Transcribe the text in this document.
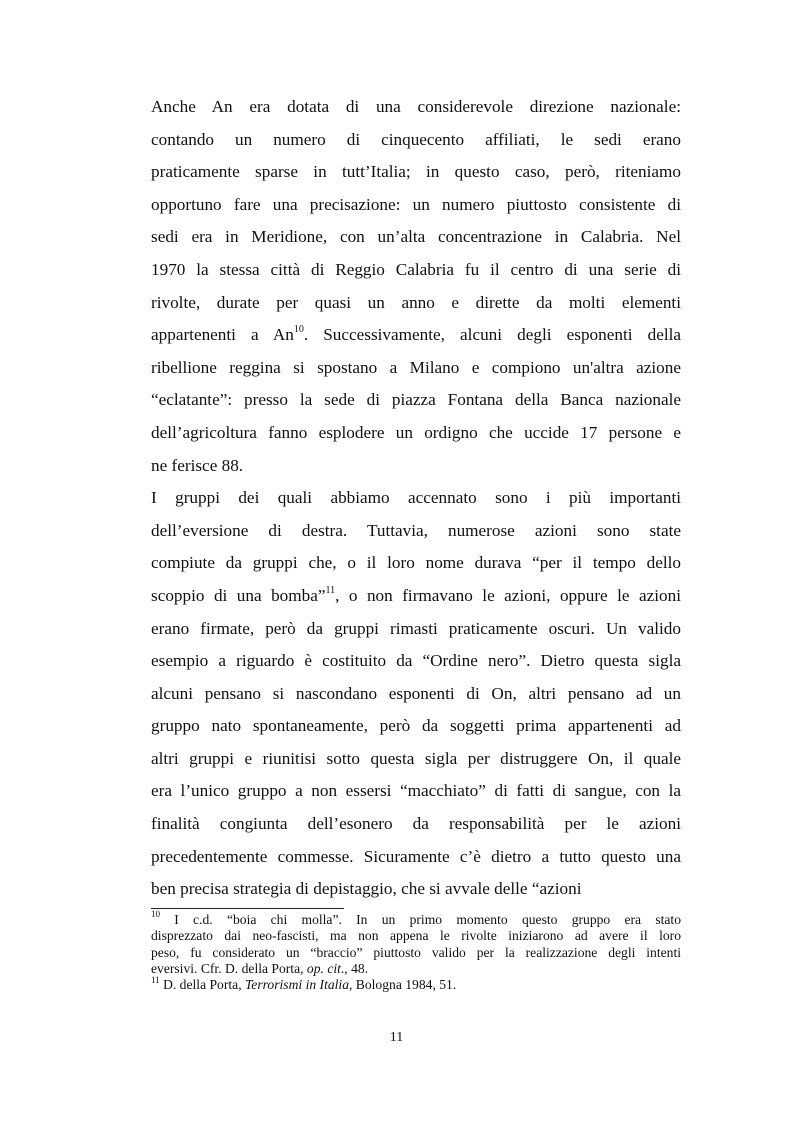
Anche An era dotata di una considerevole direzione nazionale:
contando un numero di cinquecento affiliati, le sedi erano
praticamente sparse in tutt’Italia; in questo caso, però, riteniamo
opportuno fare una precisazione: un numero piuttosto consistente di
sedi era in Meridione, con un’alta concentrazione in Calabria. Nel
1970 la stessa città di Reggio Calabria fu il centro di una serie di
rivolte, durate per quasi un anno e dirette da molti elementi
appartenenti a An$^{10}$. Successivamente, alcuni degli esponenti della
ribellione reggina si spostano a Milano e compiono un'altra azione
“eclatante”: presso la sede di piazza Fontana della Banca nazionale
dell’agricoltura fanno esplodere un ordigno che uccide 17 persone e
ne ferisce 88.
I gruppi dei quali abbiamo accennato sono i più importanti
dell’eversione di destra. Tuttavia, numerose azioni sono state
compiute da gruppi che, o il loro nome durava “per il tempo dello
scoppio di una bomba”$^{11}$, o non firmavano le azioni, oppure le azioni
erano firmate, però da gruppi rimasti praticamente oscuri. Un valido
esempio a riguardo è costituito da “Ordine nero”. Dietro questa sigla
alcuni pensano si nascondano esponenti di On, altri pensano ad un
gruppo nato spontaneamente, però da soggetti prima appartenenti ad
altri gruppi e riunitisi sotto questa sigla per distruggere On, il quale
era l’unico gruppo a non essersi “macchiato” di fatti di sangue, con la
finalità congiunta dell’esonero da responsabilità per le azioni
precedentemente commesse. Sicuramente c’è dietro a tutto questo una
ben precisa strategia di depistaggio, che si avvale delle “azioni
$^{10}$ I c.d. “boia chi molla”. In un primo momento questo gruppo era stato
disprezzato dai neo-fascisti, ma non appena le rivolte iniziarono ad avere il loro
peso, fu considerato un “braccio” piuttosto valido per la realizzazione degli intenti
eversivi. Cfr. D. della Porta, op. cit., 48.
$^{11}$ D. della Porta, Terrorismi in Italia, Bologna 1984, 51.
11
